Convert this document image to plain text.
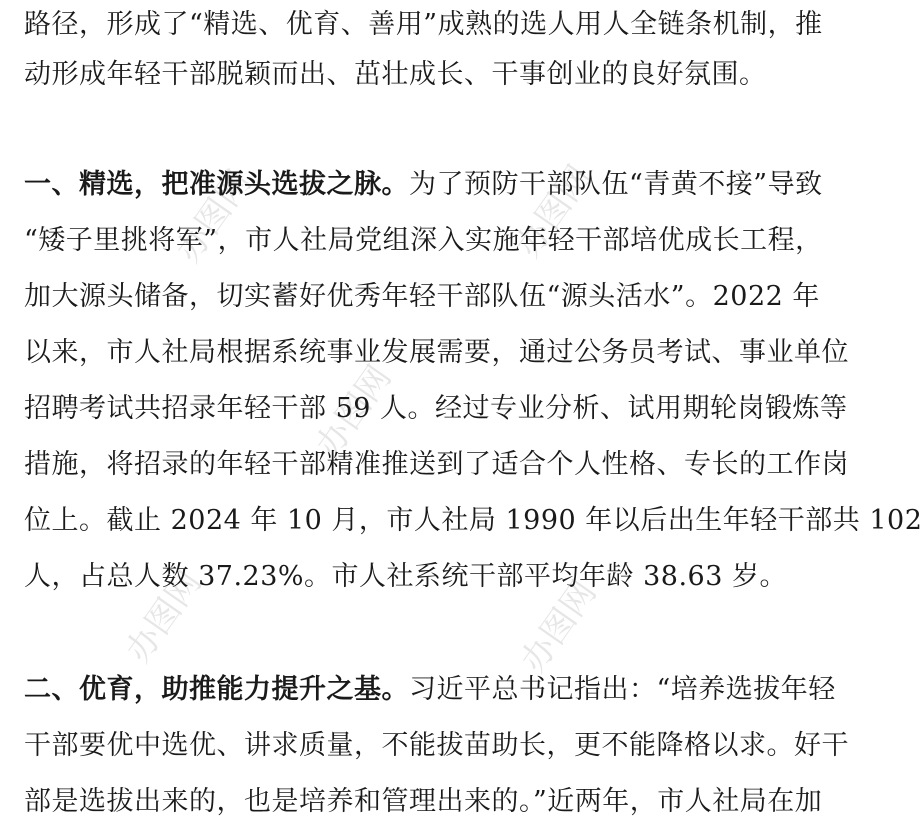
办图网	办图网
办图网
办图网	办图网
路径，形成了“精选、优育、善用”成熟的选人用人全链条机制，推
动形成年轻干部脱颖而出、茁壮成长、干事创业的良好氛围。
一、精选，把准源头选拔之脉。为了预防干部队伍“青黄不接”导致
“矮子里挑将军”，市人社局党组深入实施年轻干部培优成长工程，
加大源头储备，切实蓄好优秀年轻干部队伍“源头活水”。2022 年
以来，市人社局根据系统事业发展需要，通过公务员考试、事业单位
招聘考试共招录年轻干部 59 人。经过专业分析、试用期轮岗锻炼等
措施，将招录的年轻干部精准推送到了适合个人性格、专长的工作岗
位上。截止 2024 年 10 月，市人社局 1990 年以后出生年轻干部共 102
人，占总人数 37.23%。市人社系统干部平均年龄 38.63 岁。
二、优育，助推能力提升之基。习近平总书记指出：“培养选拔年轻
干部要优中选优、讲求质量，不能拔苗助长，更不能降格以求。好干
部是选拔出来的，也是培养和管理出来的。”近两年，市人社局在加
